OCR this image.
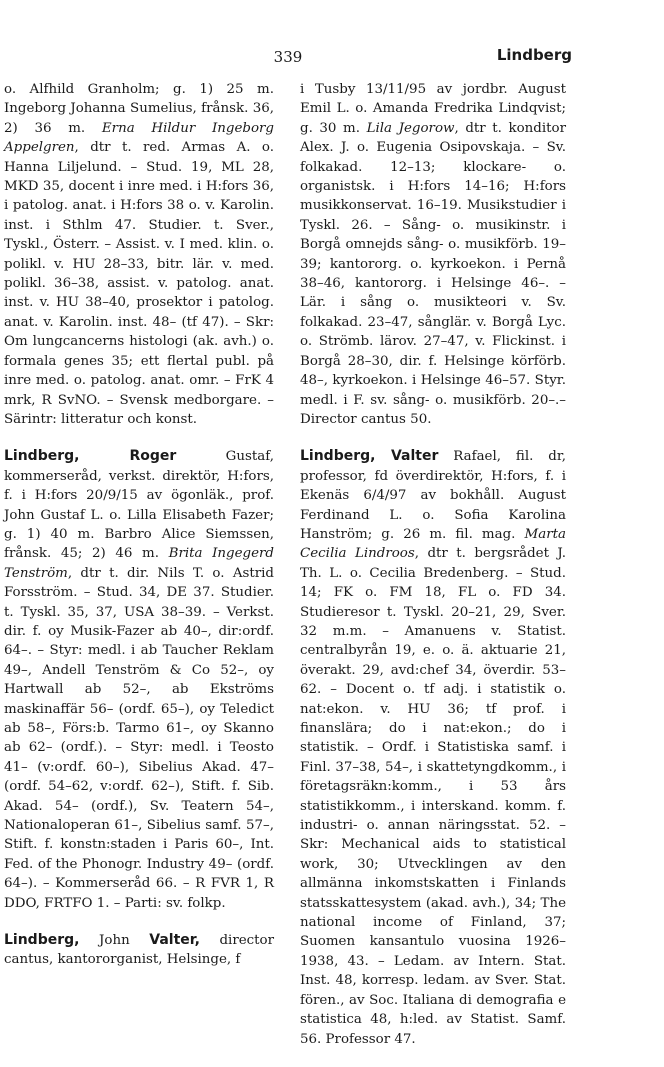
339	Lindberg

o. Alfhild Granholm; g. 1) 25 m. Ingeborg Johanna Sumelius, frånsk. 36, 2) 36 m. Erna Hildur Ingeborg Appelgren, dtr t. red. Armas A. o. Hanna Liljelund. – Stud. 19, ML 28, MKD 35, docent i inre med. i H:fors 36, i patolog. anat. i H:fors 38 o. v. Karolin. inst. i Sthlm 47. Studier. t. Sver., Tyskl., Österr. – Assist. v. I med. klin. o. polikl. v. HU 28–33, bitr. lär. v. med. polikl. 36–38, assist. v. patolog. anat. inst. v. HU 38–40, prosektor i patolog. anat. v. Karolin. inst. 48– (tf 47). – Skr: Om lungcancerns histologi (ak. avh.) o. formala genes 35; ett flertal publ. på inre med. o. patolog. anat. omr. – FrK 4 mrk, R SvNO. – Svensk medborgare. – Särintr: litteratur och konst.

Lindberg, Roger Gustaf, kommerseråd, verkst. direktör, H:fors, f. i H:fors 20/9/15 av ögonläk., prof. John Gustaf L. o. Lilla Elisabeth Fazer; g. 1) 40 m. Barbro Alice Siemssen, frånsk. 45; 2) 46 m. Brita Ingegerd Tenström, dtr t. dir. Nils T. o. Astrid Forsström. – Stud. 34, DE 37. Studier. t. Tyskl. 35, 37, USA 38–39. – Verkst. dir. f. oy Musik-Fazer ab 40–, dir:ordf. 64–. – Styr: medl. i ab Taucher Reklam 49–, Andell Tenström & Co 52–, oy Hartwall ab 52–, ab Ekströms maskinaffär 56– (ordf. 65–), oy Teledict ab 58–, Förs:b. Tarmo 61–, oy Skanno ab 62– (ordf.). – Styr: medl. i Teosto 41– (v:ordf. 60–), Sibelius Akad. 47– (ordf. 54–62, v:ordf. 62–), Stift. f. Sib. Akad. 54– (ordf.), Sv. Teatern 54–, Nationaloperan 61–, Sibelius samf. 57–, Stift. f. konstn:staden i Paris 60–, Int. Fed. of the Phonogr. Industry 49– (ordf. 64–). – Kommerseråd 66. – R FVR 1, R DDO, FRTFO 1. – Parti: sv. folkp.

Lindberg, John Valter, director cantus, kantororganist, Helsinge, f

i Tusby 13/11/95 av jordbr. August Emil L. o. Amanda Fredrika Lindqvist; g. 30 m. Lila Jegorow, dtr t. konditor Alex. J. o. Eugenia Osipovskaja. – Sv. folkakad. 12–13; klockare- o. organistsk. i H:fors 14–16; H:fors musikkonservat. 16–19. Musikstudier i Tyskl. 26. – Sång- o. musikinstr. i Borgå omnejds sång- o. musikförb. 19–39; kantororg. o. kyrkoekon. i Pernå 38–46, kantororg. i Helsinge 46–. – Lär. i sång o. musikteori v. Sv. folkakad. 23–47, sånglär. v. Borgå Lyc. o. Strömb. lärov. 27–47, v. Flickinst. i Borgå 28–30, dir. f. Helsinge körförb. 48–, kyrkoekon. i Helsinge 46–57. Styr. medl. i F. sv. sång- o. musikförb. 20–.– Director cantus 50.

Lindberg, Valter Rafael, fil. dr, professor, fd överdirektör, H:fors, f. i Ekenäs 6/4/97 av bokhåll. August Ferdinand L. o. Sofia Karolina Hanström; g. 26 m. fil. mag. Marta Cecilia Lindroos, dtr t. bergsrådet J. Th. L. o. Cecilia Bredenberg. – Stud. 14; FK o. FM 18, FL o. FD 34. Studieresor t. Tyskl. 20–21, 29, Sver. 32 m.m. – Amanuens v. Statist. centralbyrån 19, e. o. ä. aktuarie 21, överakt. 29, avd:chef 34, överdir. 53–62. – Docent o. tf adj. i statistik o. nat:ekon. v. HU 36; tf prof. i finanslära; do i nat:ekon.; do i statistik. – Ordf. i Statistiska samf. i Finl. 37–38, 54–, i skattetyngdkomm., i företagsräkn:komm., i 53 års statistikkomm., i interskand. komm. f. industri- o. annan näringsstat. 52. – Skr: Mechanical aids to statistical work, 30; Utvecklingen av den allmänna inkomstskatten i Finlands statsskattesystem (akad. avh.), 34; The national income of Finland, 37; Suomen kansantulo vuosina 1926–1938, 43. – Ledam. av Intern. Stat. Inst. 48, korresp. ledam. av Sver. Stat. fören., av Soc. Italiana di demografia e statistica 48, h:led. av Statist. Samf. 56. Professor 47.
